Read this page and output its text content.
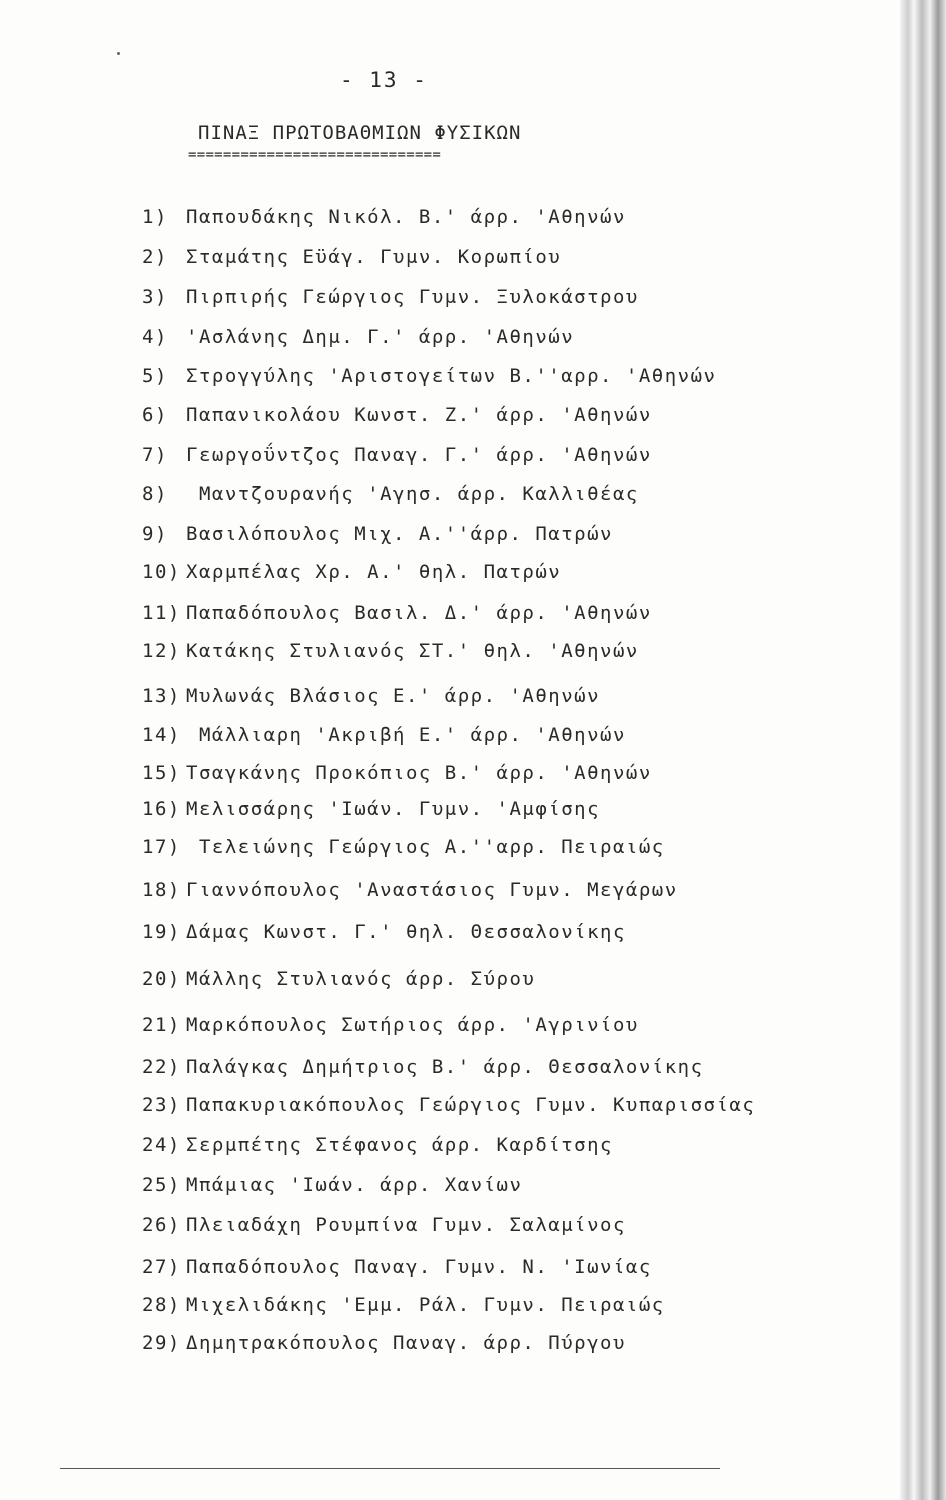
- 13 -
ΠΙΝΑΞ ΠΡΩΤΟΒΑΘΜΙΩΝ ΦΥΣΙΚΩΝ
=============================
1) Παπουδάκης Νικόλ. Β.' άρρ. 'Αθηνών
2) Σταμάτης Εϋάγ. Γυμν. Κορωπίου
3) Πιρπιρής Γεώργιος Γυμν. Ξυλοκάστρου
4) 'Ασλάνης Δημ. Γ.' άρρ. 'Αθηνών
5) Στρογγύλης 'Αριστογείτων Β.''αρρ. 'Αθηνών
6) Παπανικολάου Κωνστ. Ζ.' άρρ. 'Αθηνών
7) Γεωργοΰντζος Παναγ. Γ.' άρρ. 'Αθηνών
8) Μαντζουρανής 'Αγησ. άρρ. Καλλιθέας
9) Βασιλόπουλος Μιχ. Α.''άρρ. Πατρών
10) Χαρμπέλας Χρ. Α.' θηλ. Πατρών
11) Παπαδόπουλος Βασιλ. Δ.' άρρ. 'Αθηνών
12) Κατάκης Στυλιανός ΣΤ.' θηλ. 'Αθηνών
13) Μυλωνάς Βλάσιος Ε.' άρρ. 'Αθηνών
14) Μάλλιαρη 'Ακριβή Ε.' άρρ. 'Αθηνών
15) Τσαγκάνης Προκόπιος Β.' άρρ. 'Αθηνών
16) Μελισσάρης 'Ιωάν. Γυμν. 'Αμφίσης
17) Τελειώνης Γεώργιος Α.''αρρ. Πειραιώς
18) Γιαννόπουλος 'Αναστάσιος Γυμν. Μεγάρων
19) Δάμας Κωνστ. Γ.' θηλ. Θεσσαλονίκης
20) Μάλλης Στυλιανός άρρ. Σύρου
21) Μαρκόπουλος Σωτήριος άρρ. 'Αγρινίου
22) Παλάγκας Δημήτριος Β.' άρρ. Θεσσαλονίκης
23) Παπακυριακόπουλος Γεώργιος Γυμν. Κυπαρισσίας
24) Σερμπέτης Στέφανος άρρ. Καρδίτσης
25) Μπάμιας 'Ιωάν. άρρ. Χανίων
26) Πλειαδάχη Ρουμπίνα Γυμν. Σαλαμίνος
27) Παπαδόπουλος Παναγ. Γυμν. Ν. 'Ιωνίας
28) Μιχελιδάκης 'Εμμ. Ράλ. Γυμν. Πειραιώς
29) Δημητρακόπουλος Παναγ. άρρ. Πύργου
